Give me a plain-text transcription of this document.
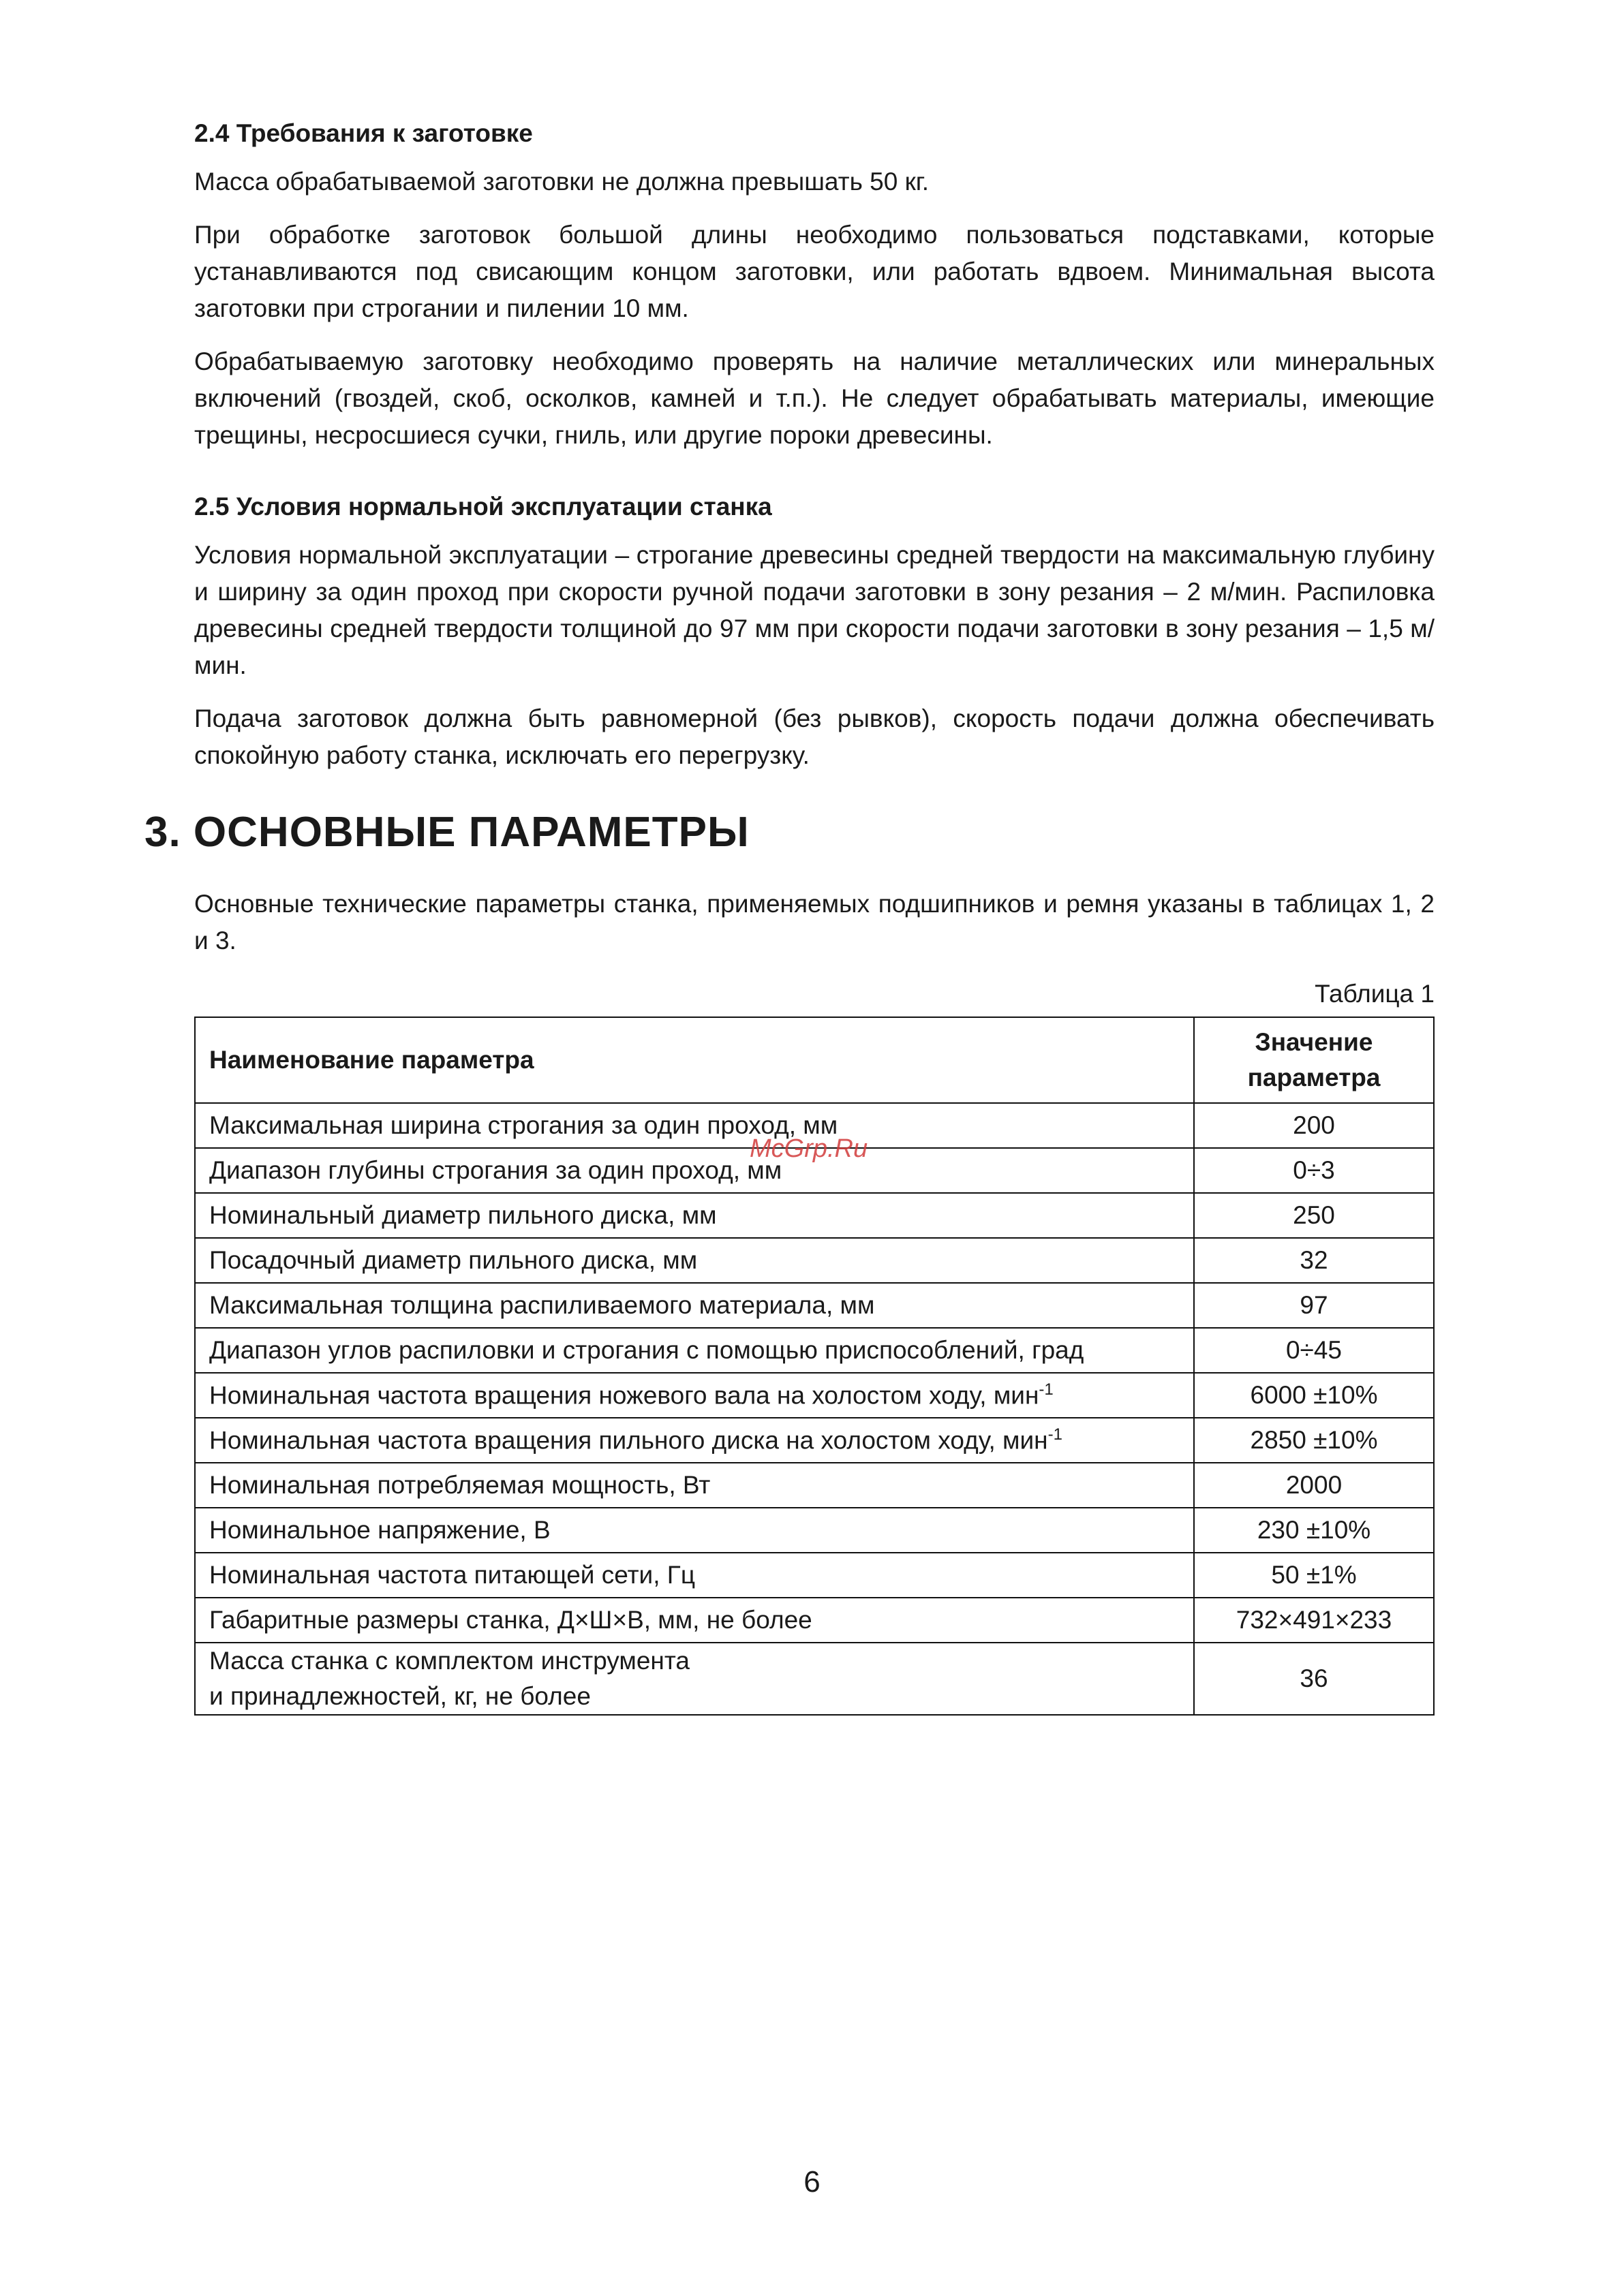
2.4 Требования к заготовке

Масса обрабатываемой заготовки не должна превышать 50 кг.

При обработке заготовок большой длины необходимо пользоваться подставками, которые устанавливаются под свисающим концом заготовки, или работать вдвоем. Минимальная высота заготовки при строгании и пилении 10 мм.

Обрабатываемую заготовку необходимо проверять на наличие металлических или минеральных включений (гвоздей, скоб, осколков, камней и т.п.). Не следует обрабатывать материалы, имеющие трещины, несросшиеся сучки, гниль, или другие пороки древесины.

2.5 Условия нормальной эксплуатации станка

Условия нормальной эксплуатации – строгание древесины средней твердости на максимальную глубину и ширину за один проход при скорости ручной подачи заготовки в зону резания – 2 м/мин. Распиловка древесины средней твердости толщиной до 97 мм при скорости подачи заготовки в зону резания – 1,5 м/мин.

Подача заготовок должна быть равномерной (без рывков), скорость подачи должна обеспечивать спокойную работу станка, исключать его перегрузку.

3. ОСНОВНЫЕ ПАРАМЕТРЫ

Основные технические параметры станка, применяемых подшипников и ремня указаны в таблицах 1, 2 и 3.

Таблица 1
Наименование параметра	Значение
параметра
Максимальная ширина строгания за один проход, мм	200
Диапазон глубины строгания за один проход, мм	0÷3
Номинальный диаметр пильного диска, мм	250
Посадочный диаметр пильного диска, мм	32
Максимальная толщина распиливаемого материала, мм	97
Диапазон углов распиловки и строгания с помощью приспособлений, град	0÷45
Номинальная частота вращения ножевого вала на холостом ходу, мин$^{-1}$	6000 ±10%
Номинальная частота вращения пильного диска на холостом ходу, мин$^{-1}$	2850 ±10%
Номинальная потребляемая мощность, Вт	2000
Номинальное напряжение, В	230 ±10%
Номинальная частота питающей сети, Гц	50 ±1%
Габаритные размеры станка, Д×Ш×В, мм, не более	732×491×233
Масса станка с комплектом инструмента
и принадлежностей, кг, не более	36
McGrp.Ru
6
